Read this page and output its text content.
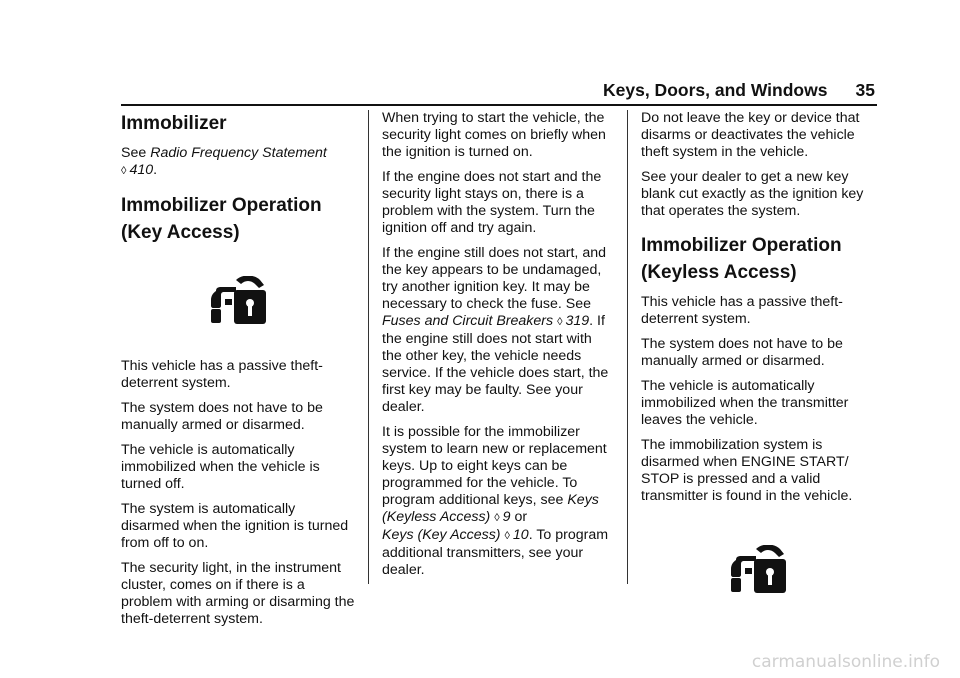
Keys, Doors, and Windows 35
Immobilizer

See Radio Frequency Statement
◊ 410.

Immobilizer Operation
(Key Access)

This vehicle has a passive theft-deterrent system.

The system does not have to be manually armed or disarmed.

The vehicle is automatically immobilized when the vehicle is turned off.

The system is automatically disarmed when the ignition is turned from off to on.

The security light, in the instrument cluster, comes on if there is a problem with arming or disarming the theft-deterrent system.

When trying to start the vehicle, the security light comes on briefly when the ignition is turned on.

If the engine does not start and the security light stays on, there is a problem with the system. Turn the ignition off and try again.

If the engine still does not start, and the key appears to be undamaged, try another ignition key. It may be necessary to check the fuse. See Fuses and Circuit Breakers ◊ 319. If the engine still does not start with the other key, the vehicle needs service. If the vehicle does start, the first key may be faulty. See your dealer.

It is possible for the immobilizer system to learn new or replacement keys. Up to eight keys can be programmed for the vehicle. To program additional keys, see Keys (Keyless Access) ◊ 9 or
Keys (Key Access) ◊ 10. To program additional transmitters, see your dealer.

Do not leave the key or device that disarms or deactivates the vehicle theft system in the vehicle.

See your dealer to get a new key blank cut exactly as the ignition key that operates the system.

Immobilizer Operation
(Keyless Access)

This vehicle has a passive theft-deterrent system.

The system does not have to be manually armed or disarmed.

The vehicle is automatically immobilized when the transmitter leaves the vehicle.

The immobilization system is disarmed when ENGINE START/ STOP is pressed and a valid transmitter is found in the vehicle.

carmanualsonline.info
